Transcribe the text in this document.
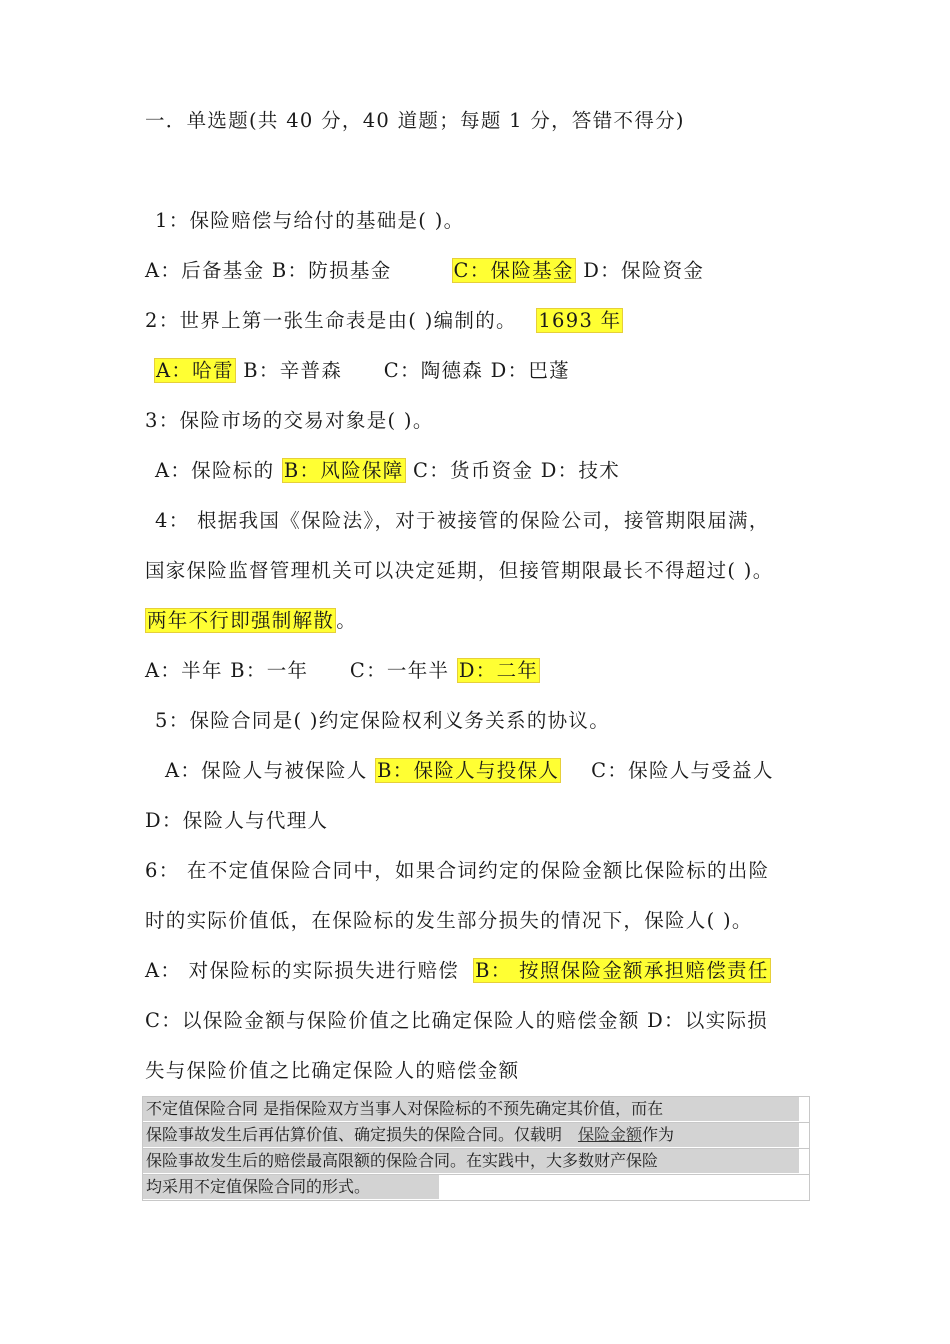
一．单选题(共 40 分，40 道题；每题 1 分，答错不得分)
1：保险赔偿与给付的基础是( )。
A：后备基金 B：防损基金	C：保险基金 D：保险资金
2：世界上第一张生命表是由( )编制的。 1693 年
A：哈雷 B：辛普森　　C：陶德森 D：巴蓬
3：保险市场的交易对象是( )。
A：保险标的 B：风险保障 C：货币资金 D：技术
4： 根据我国《保险法》，对于被接管的保险公司，接管期限届满，
国家保险监督管理机关可以决定延期，但接管期限最长不得超过( )。
两年不行即强制解散 。
A：半年 B：一年　　C：一年半 D：二年
5：保险合同是( )约定保险权利义务关系的协议。
A：保险人与被保险人 B：保险人与投保人 C：保险人与受益人
D：保险人与代理人
6： 在不定值保险合同中，如果合词约定的保险金额比保险标的出险
时的实际价值低，在保险标的发生部分损失的情况下，保险人( )。
A： 对保险标的实际损失进行赔偿 B： 按照保险金额承担赔偿责任
C：以保险金额与保险价值之比确定保险人的赔偿金额 D：以实际损
失与保险价值之比确定保险人的赔偿金额
不定值保险合同 是指保险双方当事人对保险标的不预先确定其价值，而在
保险事故发生后再估算价值、确定损失的保险合同。仅载明　保险金额作为
保险事故发生后的赔偿最高限额的保险合同。在实践中，大多数财产保险
均采用不定值保险合同的形式。
